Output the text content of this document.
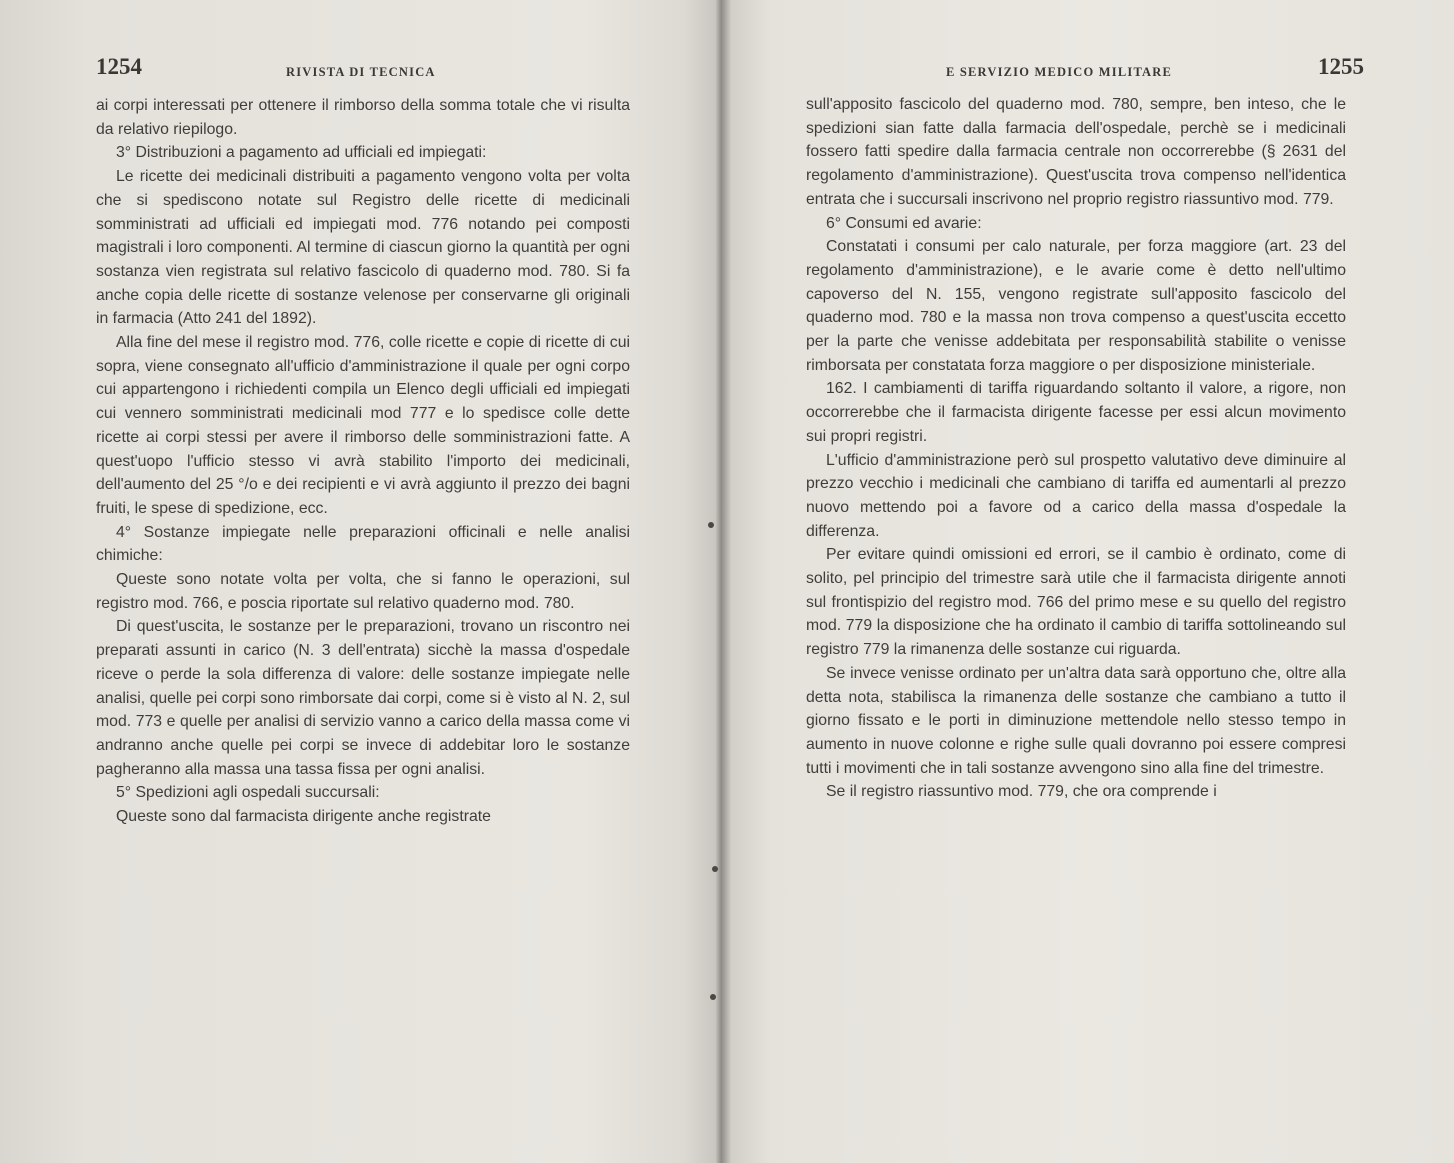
1254	RIVISTA DI TECNICA

ai corpi interessati per ottenere il rimborso della somma totale che vi risulta da relativo riepilogo.

3° Distribuzioni a pagamento ad ufficiali ed impiegati:

Le ricette dei medicinali distribuiti a pagamento vengono volta per volta che si spediscono notate sul Registro delle ricette di medicinali somministrati ad ufficiali ed impiegati mod. 776 notando pei composti magistrali i loro componenti. Al termine di ciascun giorno la quantità per ogni sostanza vien registrata sul relativo fascicolo di quaderno mod. 780. Si fa anche copia delle ricette di sostanze velenose per conservarne gli originali in farmacia (Atto 241 del 1892).

Alla fine del mese il registro mod. 776, colle ricette e copie di ricette di cui sopra, viene consegnato all'ufficio d'amministrazione il quale per ogni corpo cui appartengono i richiedenti compila un Elenco degli ufficiali ed impiegati cui vennero somministrati medicinali mod 777 e lo spedisce colle dette ricette ai corpi stessi per avere il rimborso delle somministrazioni fatte. A quest'uopo l'ufficio stesso vi avrà stabilito l'importo dei medicinali, dell'aumento del 25 °/o e dei recipienti e vi avrà aggiunto il prezzo dei bagni fruiti, le spese di spedizione, ecc.

4° Sostanze impiegate nelle preparazioni officinali e nelle analisi chimiche:

Queste sono notate volta per volta, che si fanno le operazioni, sul registro mod. 766, e poscia riportate sul relativo quaderno mod. 780.

Di quest'uscita, le sostanze per le preparazioni, trovano un riscontro nei preparati assunti in carico (N. 3 dell'entrata) sicchè la massa d'ospedale riceve o perde la sola differenza di valore: delle sostanze impiegate nelle analisi, quelle pei corpi sono rimborsate dai corpi, come si è visto al N. 2, sul mod. 773 e quelle per analisi di servizio vanno a carico della massa come vi andranno anche quelle pei corpi se invece di addebitar loro le sostanze pagheranno alla massa una tassa fissa per ogni analisi.

5° Spedizioni agli ospedali succursali:

Queste sono dal farmacista dirigente anche registrate

E SERVIZIO MEDICO MILITARE	1255

sull'apposito fascicolo del quaderno mod. 780, sempre, ben inteso, che le spedizioni sian fatte dalla farmacia dell'ospedale, perchè se i medicinali fossero fatti spedire dalla farmacia centrale non occorrerebbe (§ 2631 del regolamento d'amministrazione). Quest'uscita trova compenso nell'identica entrata che i succursali inscrivono nel proprio registro riassuntivo mod. 779.

6° Consumi ed avarie:

Constatati i consumi per calo naturale, per forza maggiore (art. 23 del regolamento d'amministrazione), e le avarie come è detto nell'ultimo capoverso del N. 155, vengono registrate sull'apposito fascicolo del quaderno mod. 780 e la massa non trova compenso a quest'uscita eccetto per la parte che venisse addebitata per responsabilità stabilite o venisse rimborsata per constatata forza maggiore o per disposizione ministeriale.

162. I cambiamenti di tariffa riguardando soltanto il valore, a rigore, non occorrerebbe che il farmacista dirigente facesse per essi alcun movimento sui propri registri.

L'ufficio d'amministrazione però sul prospetto valutativo deve diminuire al prezzo vecchio i medicinali che cambiano di tariffa ed aumentarli al prezzo nuovo mettendo poi a favore od a carico della massa d'ospedale la differenza.

Per evitare quindi omissioni ed errori, se il cambio è ordinato, come di solito, pel principio del trimestre sarà utile che il farmacista dirigente annoti sul frontispizio del registro mod. 766 del primo mese e su quello del registro mod. 779 la disposizione che ha ordinato il cambio di tariffa sottolineando sul registro 779 la rimanenza delle sostanze cui riguarda.

Se invece venisse ordinato per un'altra data sarà opportuno che, oltre alla detta nota, stabilisca la rimanenza delle sostanze che cambiano a tutto il giorno fissato e le porti in diminuzione mettendole nello stesso tempo in aumento in nuove colonne e righe sulle quali dovranno poi essere compresi tutti i movimenti che in tali sostanze avvengono sino alla fine del trimestre.

Se il registro riassuntivo mod. 779, che ora comprende i
